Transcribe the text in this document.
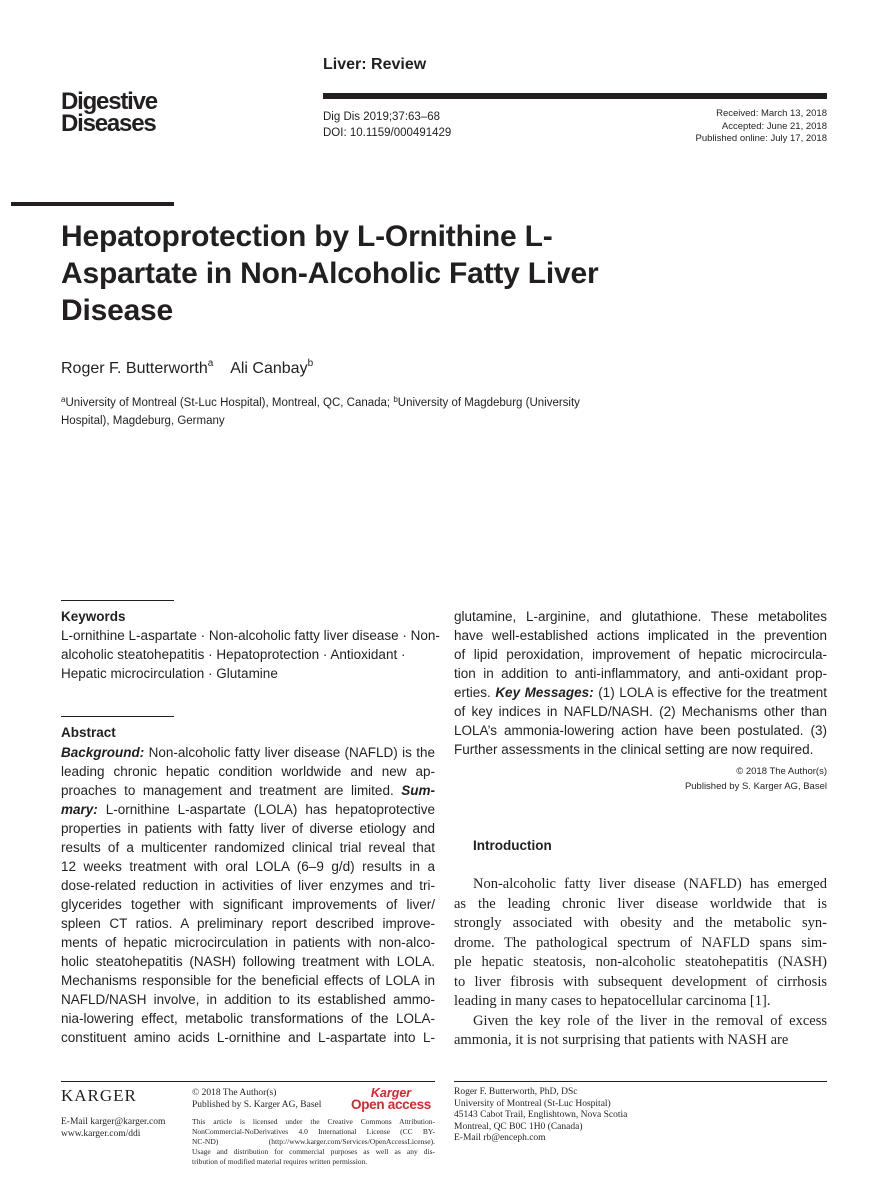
Liver: Review
Digestive
Diseases	Dig Dis 2019;37:63–68
DOI: 10.1159/000491429
Received: March 13, 2018
Accepted: June 21, 2018
Published online: July 17, 2018
Hepatoprotection by L-Ornithine L-Aspartate in Non-Alcoholic Fatty Liver Disease
Roger F. Butterworth$^a$ Ali Canbay$^b$
$^a$University of Montreal (St-Luc Hospital), Montreal, QC, Canada; $^b$University of Magdeburg (University Hospital), Magdeburg, Germany
Keywords
L-ornithine L-aspartate · Non-alcoholic fatty liver disease · Non-alcoholic steatohepatitis · Hepatoprotection · Antioxidant · Hepatic microcirculation · Glutamine
Abstract
Background: Non-alcoholic fatty liver disease (NAFLD) is the
leading chronic hepatic condition worldwide and new ap-
proaches to management and treatment are limited. Sum-
mary: L-ornithine L-aspartate (LOLA) has hepatoprotective
properties in patients with fatty liver of diverse etiology and
results of a multicenter randomized clinical trial reveal that
12 weeks treatment with oral LOLA (6–9 g/d) results in a
dose-related reduction in activities of liver enzymes and tri-
glycerides together with significant improvements of liver/
spleen CT ratios. A preliminary report described improve-
ments of hepatic microcirculation in patients with non-alco-
holic steatohepatitis (NASH) following treatment with LOLA.
Mechanisms responsible for the beneficial effects of LOLA in
NAFLD/NASH involve, in addition to its established ammo-
nia-lowering effect, metabolic transformations of the LOLA-
constituent amino acids L-ornithine and L-aspartate into L-
glutamine, L-arginine, and glutathione. These metabolites
have well-established actions implicated in the prevention
of lipid peroxidation, improvement of hepatic microcircula-
tion in addition to anti-inflammatory, and anti-oxidant prop-
erties. Key Messages: (1) LOLA is effective for the treatment
of key indices in NAFLD/NASH. (2) Mechanisms other than
LOLA’s ammonia-lowering action have been postulated. (3)
Further assessments in the clinical setting are now required.
© 2018 The Author(s)
Published by S. Karger AG, Basel
Introduction
Non-alcoholic fatty liver disease (NAFLD) has emerged
as the leading chronic liver disease worldwide that is
strongly associated with obesity and the metabolic syn-
drome. The pathological spectrum of NAFLD spans sim-
ple hepatic steatosis, non-alcoholic steatohepatitis (NASH)
to liver fibrosis with subsequent development of cirrhosis
leading in many cases to hepatocellular carcinoma [1].
Given the key role of the liver in the removal of excess
ammonia, it is not surprising that patients with NASH are
KARGER
E-Mail karger@karger.com
www.karger.com/ddi
© 2018 The Author(s)
Published by S. Karger AG, Basel
Karger
Open access
This article is licensed under the Creative Commons Attribution-
NonCommercial-NoDerivatives 4.0 International License (CC BY-
NC-ND) (http://www.karger.com/Services/OpenAccessLicense).
Usage and distribution for commercial purposes as well as any dis-
tribution of modified material requires written permission.
Roger F. Butterworth, PhD, DSc
University of Montreal (St-Luc Hospital)
45143 Cabot Trail, Englishtown, Nova Scotia
Montreal, QC B0C 1H0 (Canada)
E-Mail rb@enceph.com
